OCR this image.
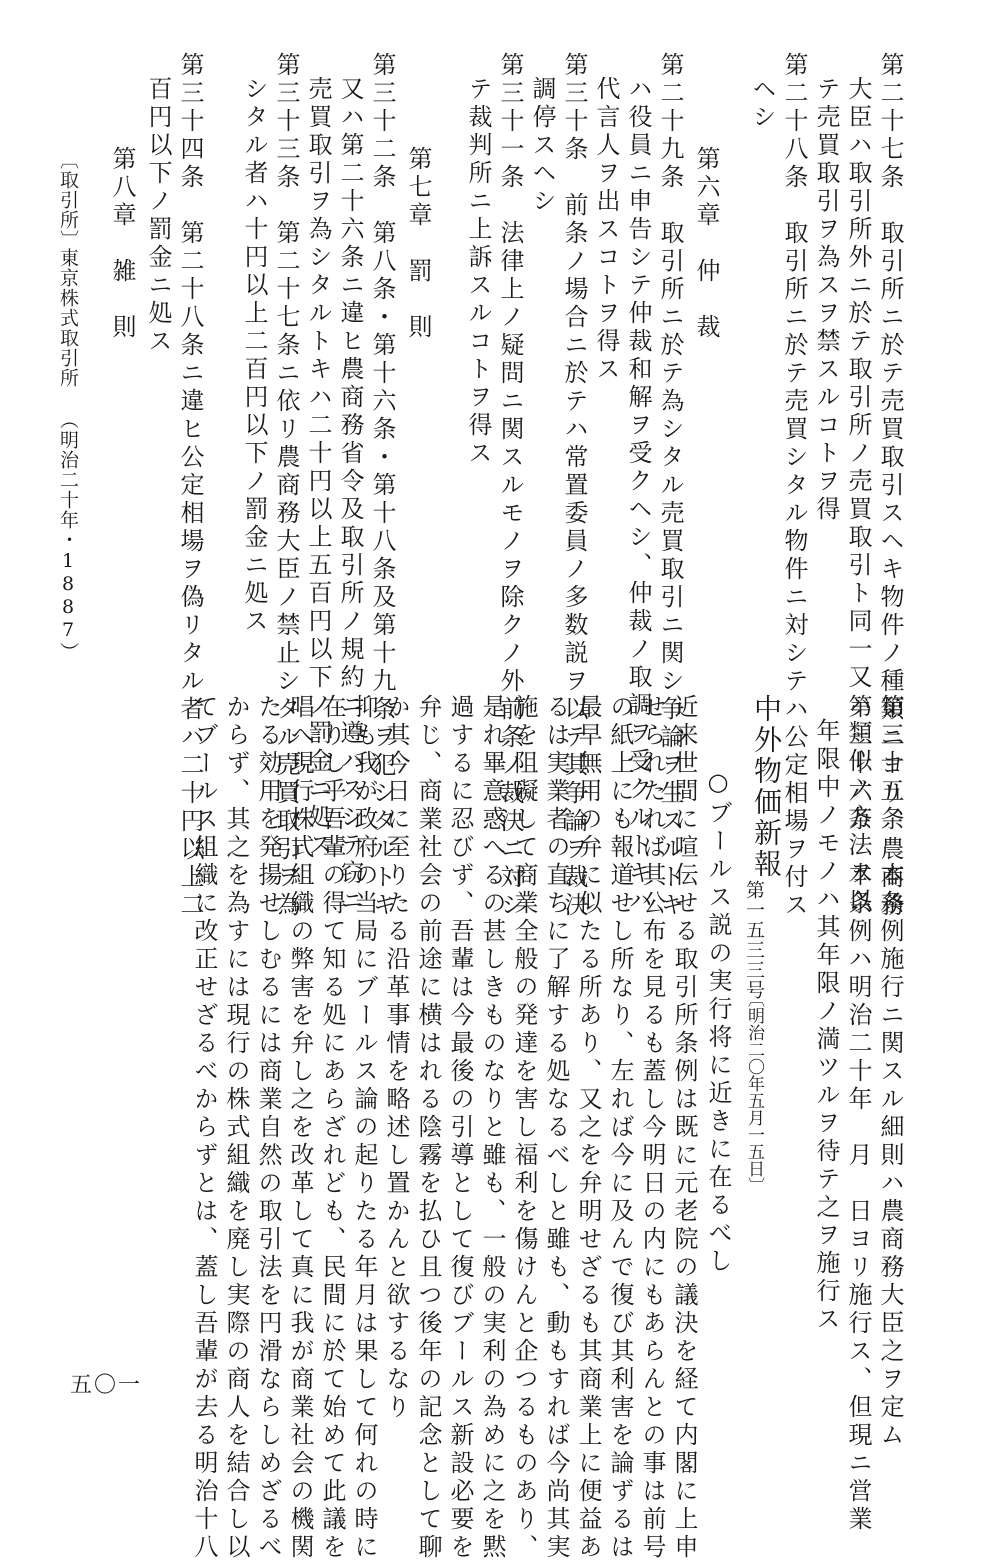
第二十七条　取引所ニ於テ売買取引スヘキ物件ノ種類ニヨリ、農商務
大臣ハ取引所外ニ於テ取引所ノ売買取引ト同一又ハ類似ノ方法ヲ以
テ売買取引ヲ為スヲ禁スルコトヲ得
第二十八条　取引所ニ於テ売買シタル物件ニ対シテハ公定相場ヲ付ス
ヘシ
第六章　仲　裁
第二十九条　取引所ニ於テ為シタル売買取引ニ関シ争論ヲ生スルトキ
ハ役員ニ申告シテ仲裁和解ヲ受クヘシ、仲裁ノ取調ヲ受クルトキハ
代言人ヲ出スコトヲ得ス
第三十条　前条ノ場合ニ於テハ常置委員ノ多数説ヲ以テ其争論ヲ裁決
調停スヘシ
第三十一条　法律上ノ疑問ニ関スルモノヲ除クノ外前条ノ裁決ニ対シ
テ裁判所ニ上訴スルコトヲ得ス
第七章　罰　則
第三十二条　第八条・第十六条・第十八条及第十九条ヲ犯シタルトキ
又ハ第二十六条ニ違ヒ農商務省令及取引所ノ規約ニ遵ハスシテ窃ニ
売買取引ヲ為シタルトキハ二十円以上五百円以下ノ罰金ニ処ス
第三十三条　第二十七条ニ依リ農商務大臣ノ禁止シタル売買取引ヲ為
シタル者ハ十円以上二百円以下ノ罰金ニ処ス
第三十四条　第二十八条ニ違ヒ公定相場ヲ偽リタル者ハ二十円以上二
百円以下ノ罰金ニ処ス
第八章　雑　則
〔取引所〕
東京株式取引所
（明治二十年・1887）
第三十五条　本条例施行ニ関スル細則ハ農商務大臣之ヲ定ム
第三十六条　本条例ハ明治二十年　月　日ヨリ施行ス、但現ニ営業
年限中ノモノハ其年限ノ満ツルヲ待テ之ヲ施行ス
中外物価新報
第一五三三号
〔明治二〇年五月一五日〕
○ブールス説の実行将に近きに在るべし
近来世間に喧伝せる取引所条例は既に元老院の議決を経て内閣に上申
せられたれば其公布を見るも蓋し今明日の内にもあらんとの事は前号
の紙上にも報道せし所なり、左れば今に及んで復び其利害を論ずるは
最早無用の弁に似たる所あり、又之を弁明せざるも其商業上に便益あ
るは実業者の直ちに了解する処なるべしと雖も、動もすれば今尚其実
施を阻礙して商業全般の発達を害し福利を傷けんと企つるものあり、
是れ畢意惑へるの甚しきものなりと雖も、一般の実利の為めに之を黙
過するに忍びず、吾輩は今最後の引導として復びブールス新設必要を
弁じ、商業社会の前途に横はれる陰霧を払ひ且つ後年の記念として聊
か其今日に至りたる沿革事情を略述し置かんと欲するなり
抑も我が政府の当局にブールス論の起りたる年月は果して何れの時に
在りし乎吾輩の得て知る処にあらざれども、民間に於て始めて此議を
唱へ現行株式組織の弊害を弁し之を改革して真に我が商業社会の機関
たる効用を発揚せしむるには商業自然の取引法を円滑ならしめざるべ
からず、其之を為すには現行の株式組織を廃し実際の商人を結合し以
てブールス組織に改正せざるべからずとは、蓋し吾輩が去る明治十八
五〇一
